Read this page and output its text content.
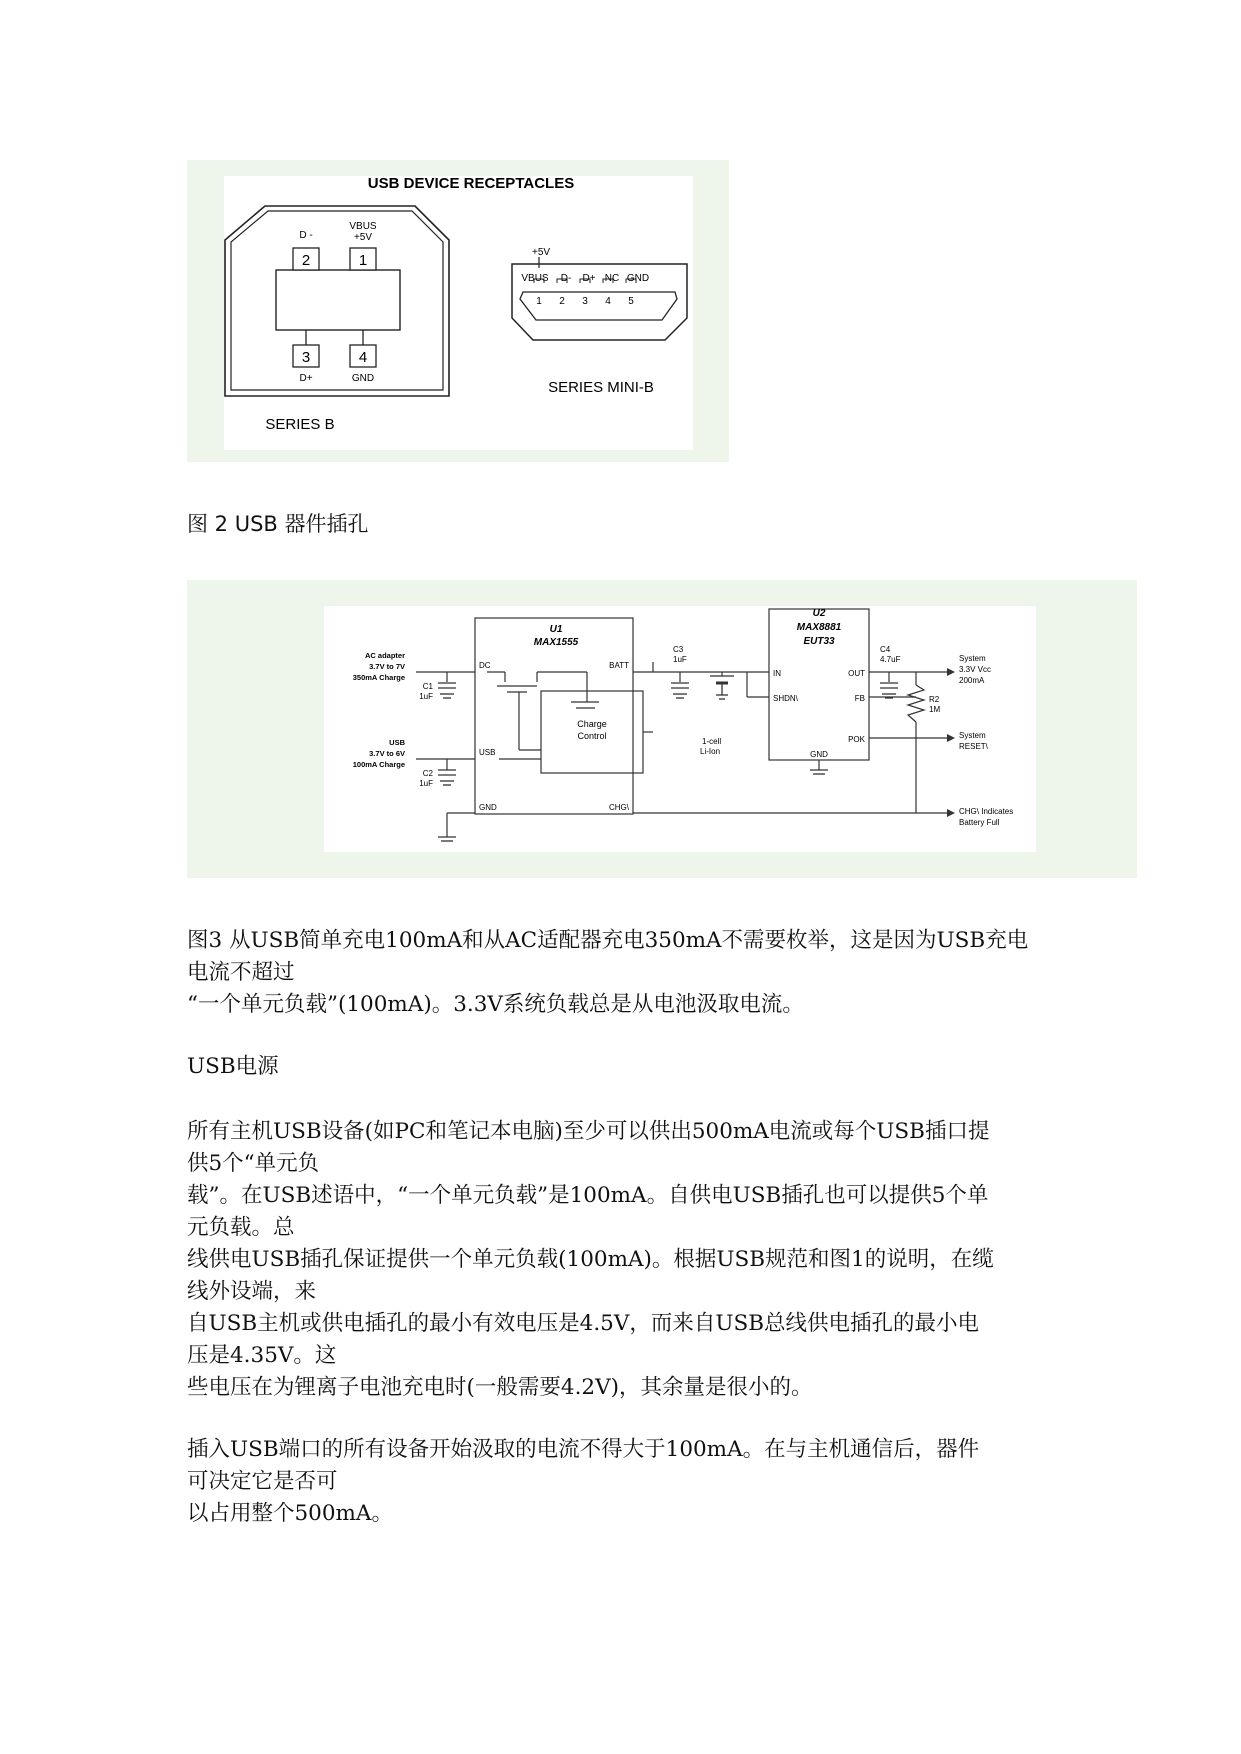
USB DEVICE RECEPTACLES
2	1
3	4
D -
VBUS
+5V
D+	GND
SERIES B
+5V
VBUS D- D+ NC GND
1 2 3 4 5
SERIES MINI-B
图 2 USB 器件插孔
U1
MAX1555
U2
MAX8881
EUT33
DC	BATT
USB
GND	CHG\
Charge
Control
IN	OUT
SHDN\	FB
POK
GND
AC adapter
3.7V to 7V
350mA Charge
USB
3.7V to 6V
100mA Charge
C1
1uF
C2
1uF
C3
1uF
C4
4.7uF
1-cell
Li-Ion
R2
1M
System
3.3V Vcc
200mA
System
RESET\
CHG\ Indicates
Battery Full
图3 从USB简单充电100mA和从AC适配器充电350mA不需要枚举，这是因为USB充电
电流不超过
“一个单元负载”(100mA)。3.3V系统负载总是从电池汲取电流。
USB电源
所有主机USB设备(如PC和笔记本电脑)至少可以供出500mA电流或每个USB插口提
供5个“单元负
载”。在USB述语中，“一个单元负载”是100mA。自供电USB插孔也可以提供5个单
元负载。总
线供电USB插孔保证提供一个单元负载(100mA)。根据USB规范和图1的说明，在缆
线外设端，来
自USB主机或供电插孔的最小有效电压是4.5V，而来自USB总线供电插孔的最小电
压是4.35V。这
些电压在为锂离子电池充电时(一般需要4.2V)，其余量是很小的。
插入USB端口的所有设备开始汲取的电流不得大于100mA。在与主机通信后，器件
可决定它是否可
以占用整个500mA。
